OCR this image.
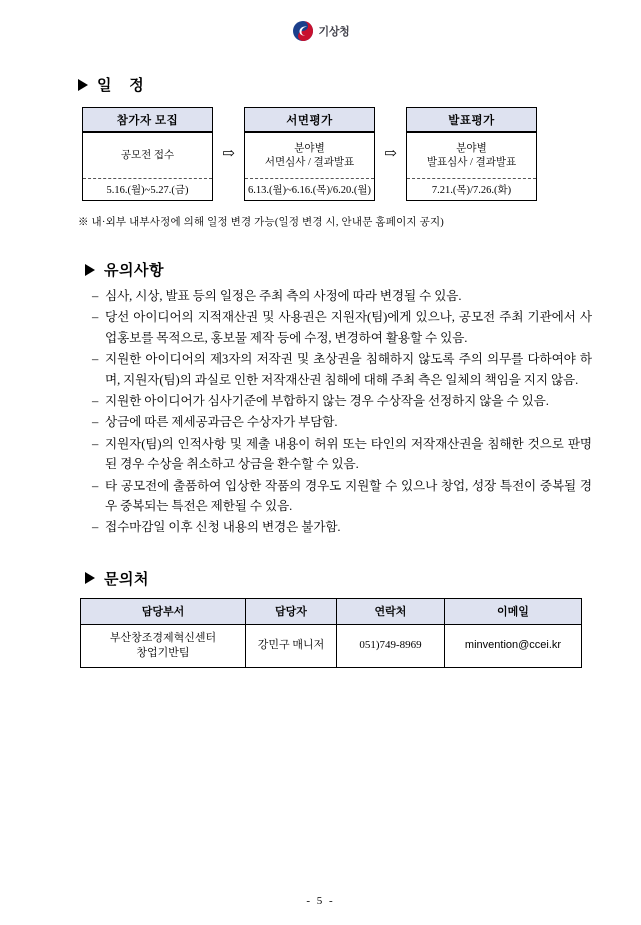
기상청
일 정
참가자 모집
공모전 접수
5.16.(월)~5.27.(금)
⇨
서면평가
분야별
서면심사 / 결과발표
6.13.(월)~6.16.(목)/6.20.(월)
⇨
발표평가
분야별
발표심사 / 결과발표
7.21.(목)/7.26.(화)
※ 내·외부 내부사정에 의해 일정 변경 가능(일정 변경 시, 안내문 홈페이지 공지)
유의사항
– 심사, 시상, 발표 등의 일정은 주최 측의 사정에 따라 변경될 수 있음.
– 당선 아이디어의 지적재산권 및 사용권은 지원자(팀)에게 있으나, 공모전 주최 기관에서 사업홍보를 목적으로, 홍보물 제작 등에 수정, 변경하여 활용할 수 있음.
– 지원한 아이디어의 제3자의 저작권 및 초상권을 침해하지 않도록 주의 의무를 다하여야 하며, 지원자(팀)의 과실로 인한 저작재산권 침해에 대해 주최 측은 일체의 책임을 지지 않음.
– 지원한 아이디어가 심사기준에 부합하지 않는 경우 수상작을 선정하지 않을 수 있음.
– 상금에 따른 제세공과금은 수상자가 부담함.
– 지원자(팀)의 인적사항 및 제출 내용이 허위 또는 타인의 저작재산권을 침해한 것으로 판명된 경우 수상을 취소하고 상금을 환수할 수 있음.
– 타 공모전에 출품하여 입상한 작품의 경우도 지원할 수 있으나 창업, 성장 특전이 중복될 경우 중복되는 특전은 제한될 수 있음.
– 접수마감일 이후 신청 내용의 변경은 불가함.
문의처
담당부서	담당자	연락처	이메일

부산창조경제혁신센터
창업기반팀	강민구 매니저	051)749-8969	minvention@ccei.kr
- 5 -
